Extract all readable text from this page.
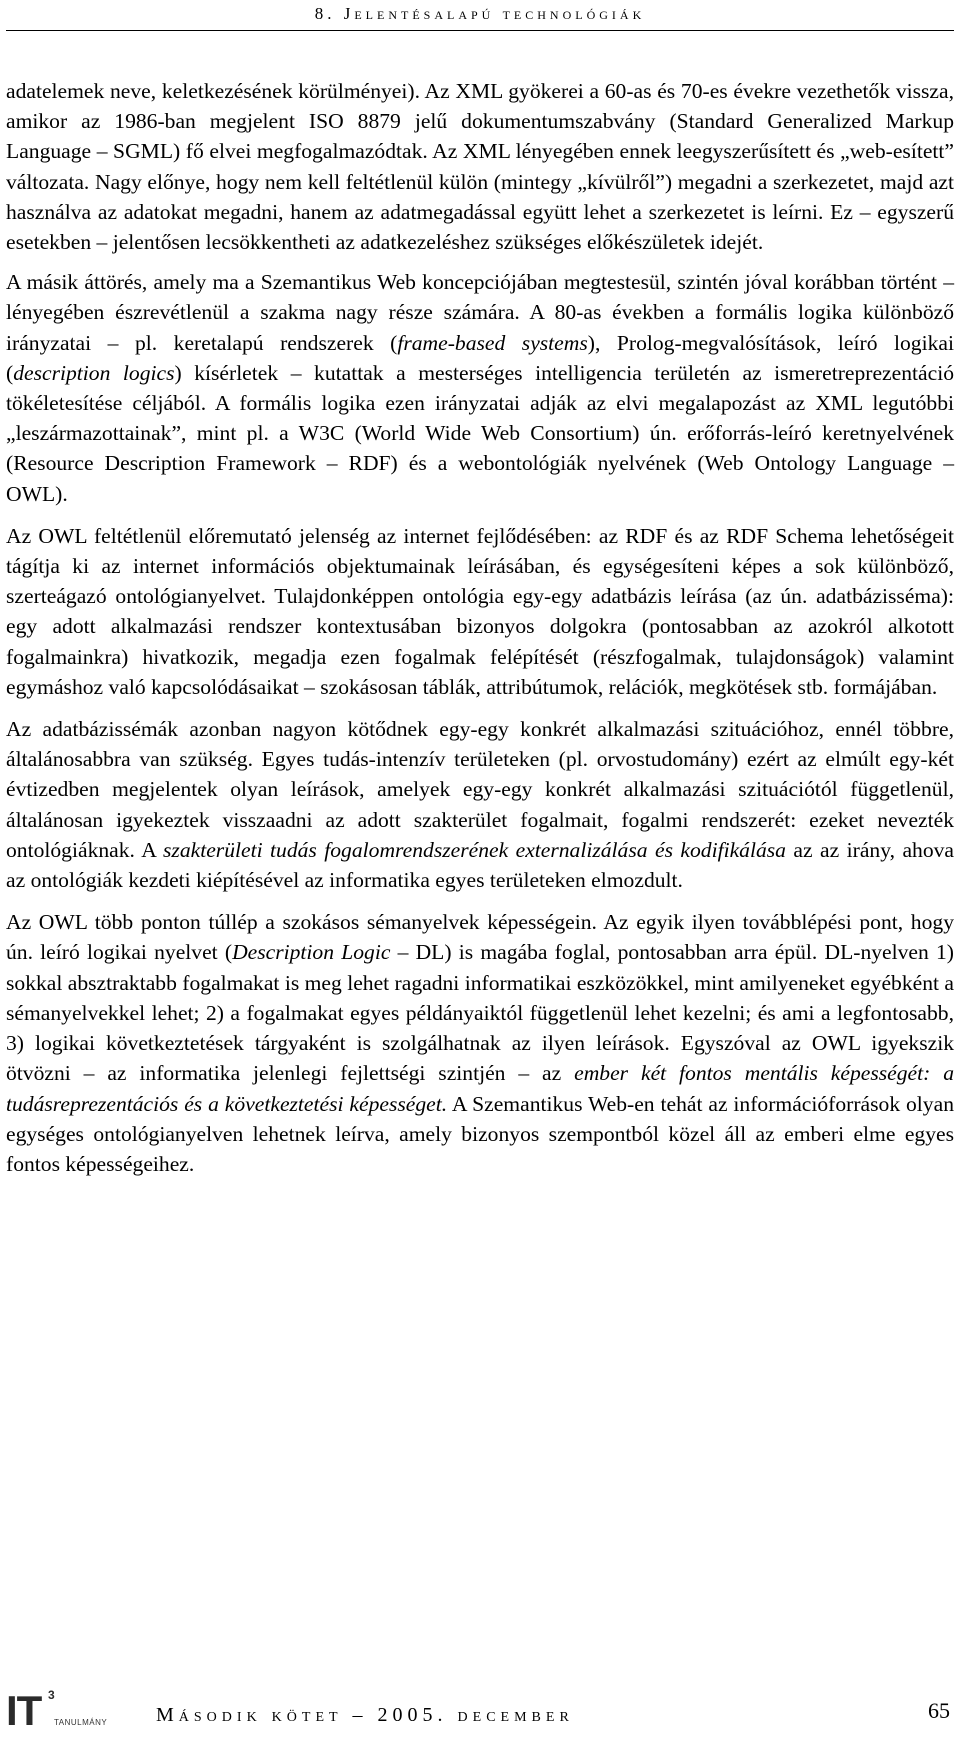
8. Jelentésalapú technológiák

adatelemek neve, keletkezésének körülményei). Az XML gyökerei a 60-as és 70-es évekre vezethetők vissza, amikor az 1986-ban megjelent ISO 8879 jelű dokumentumszabvány (Standard Generalized Markup Language – SGML) fő elvei megfogalmazódtak. Az XML lényegében ennek leegyszerűsített és „web-esített” változata. Nagy előnye, hogy nem kell feltétlenül külön (mintegy „kívülről”) megadni a szerkezetet, majd azt használva az adatokat megadni, hanem az adatmegadással együtt lehet a szerkezetet is leírni. Ez – egyszerű esetekben – jelentősen lecsökkentheti az adatkezeléshez szükséges előkészületek idejét.

A másik áttörés, amely ma a Szemantikus Web koncepciójában megtestesül, szintén jóval korábban történt – lényegében észrevétlenül a szakma nagy része számára. A 80-as években a formális logika különböző irányzatai – pl. keretalapú rendszerek (frame-based systems), Prolog-megvalósítások, leíró logikai (description logics) kísérletek – kutattak a mesterséges intelligencia területén az ismeretreprezentáció tökéletesítése céljából. A formális logika ezen irányzatai adják az elvi megalapozást az XML legutóbbi „leszármazottainak”, mint pl. a W3C (World Wide Web Consortium) ún. erőforrás-leíró keretnyelvének (Resource Description Framework – RDF) és a webontológiák nyelvének (Web Ontology Language – OWL).

Az OWL feltétlenül előremutató jelenség az internet fejlődésében: az RDF és az RDF Schema lehetőségeit tágítja ki az internet információs objektumainak leírásában, és egységesíteni képes a sok különböző, szerteágazó ontológianyelvet. Tulajdonképpen ontológia egy-egy adatbázis leírása (az ún. adatbázisséma): egy adott alkalmazási rendszer kontextusában bizonyos dolgokra (pontosabban az azokról alkotott fogalmainkra) hivatkozik, megadja ezen fogalmak felépítését (részfogalmak, tulajdonságok) valamint egymáshoz való kapcsolódásaikat – szokásosan táblák, attribútumok, relációk, megkötések stb. formájában.

Az adatbázissémák azonban nagyon kötődnek egy-egy konkrét alkalmazási szituációhoz, ennél többre, általánosabbra van szükség. Egyes tudás-intenzív területeken (pl. orvostudomány) ezért az elmúlt egy-két évtizedben megjelentek olyan leírások, amelyek egy-egy konkrét alkalmazási szituációtól függetlenül, általánosan igyekeztek visszaadni az adott szakterület fogalmait, fogalmi rendszerét: ezeket nevezték ontológiáknak. A szakterületi tudás fogalomrendszerének externalizálása és kodifikálása az az irány, ahova az ontológiák kezdeti kiépítésével az informatika egyes területeken elmozdult.

Az OWL több ponton túllép a szokásos sémanyelvek képességein. Az egyik ilyen továbblépési pont, hogy ún. leíró logikai nyelvet (Description Logic – DL) is magába foglal, pontosabban arra épül. DL-nyelven 1) sokkal absztraktabb fogalmakat is meg lehet ragadni informatikai eszközökkel, mint amilyeneket egyébként a sémanyelvekkel lehet; 2) a fogalmakat egyes példányaiktól függetlenül lehet kezelni; és ami a legfontosabb, 3) logikai következtetések tárgyaként is szolgálhatnak az ilyen leírások. Egyszóval az OWL igyekszik ötvözni – az informatika jelenlegi fejlettségi szintjén – az ember két fontos mentális képességét: a tudásreprezentációs és a következtetési képességet. A Szemantikus Web-en tehát az információforrások olyan egységes ontológianyelven lehetnek leírva, amely bizonyos szempontból közel áll az emberi elme egyes fontos képességeihez.

IT 3
TANULMÁNY Második kötet – 2005. december	65
